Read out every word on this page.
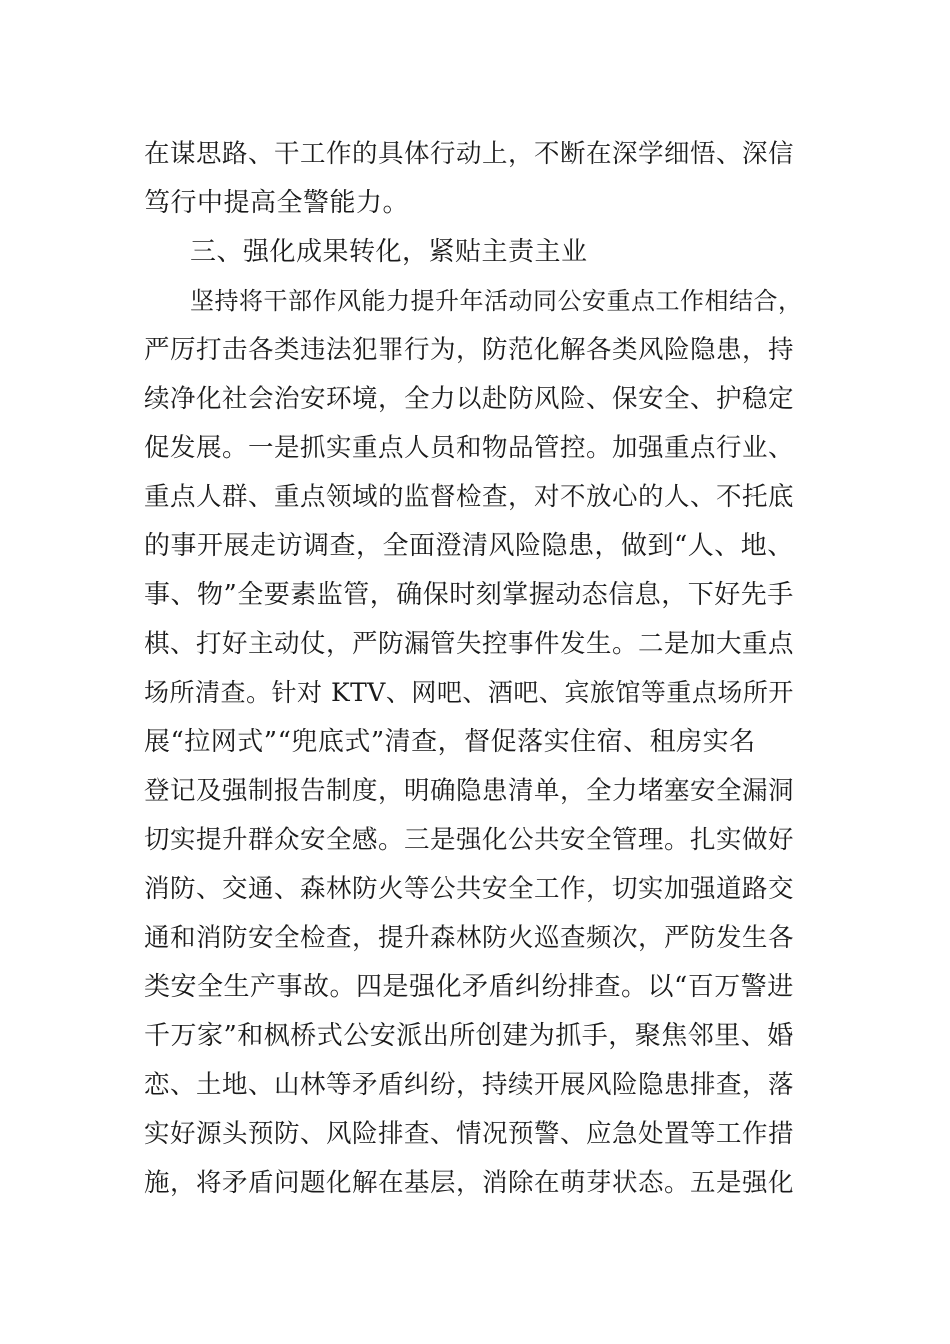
在谋思路、干工作的具体行动上，不断在深学细悟、深信
笃行中提高全警能力。
三、强化成果转化，紧贴主责主业
坚持将干部作风能力提升年活动同公安重点工作相结合，
严厉打击各类违法犯罪行为，防范化解各类风险隐患，持
续净化社会治安环境，全力以赴防风险、保安全、护稳定
促发展。一是抓实重点人员和物品管控。加强重点行业、
重点人群、重点领域的监督检查，对不放心的人、不托底
的事开展走访调查，全面澄清风险隐患，做到“人、地、
事、物”全要素监管，确保时刻掌握动态信息，下好先手
棋、打好主动仗，严防漏管失控事件发生。二是加大重点
场所清查。针对 KTV、网吧、酒吧、宾旅馆等重点场所开
展“拉网式”“兜底式”清查，督促落实住宿、租房实名
登记及强制报告制度，明确隐患清单，全力堵塞安全漏洞
切实提升群众安全感。三是强化公共安全管理。扎实做好
消防、交通、森林防火等公共安全工作，切实加强道路交
通和消防安全检查，提升森林防火巡查频次，严防发生各
类安全生产事故。四是强化矛盾纠纷排查。以“百万警进
千万家”和枫桥式公安派出所创建为抓手，聚焦邻里、婚
恋、土地、山林等矛盾纠纷，持续开展风险隐患排查，落
实好源头预防、风险排查、情况预警、应急处置等工作措
施，将矛盾问题化解在基层，消除在萌芽状态。五是强化
